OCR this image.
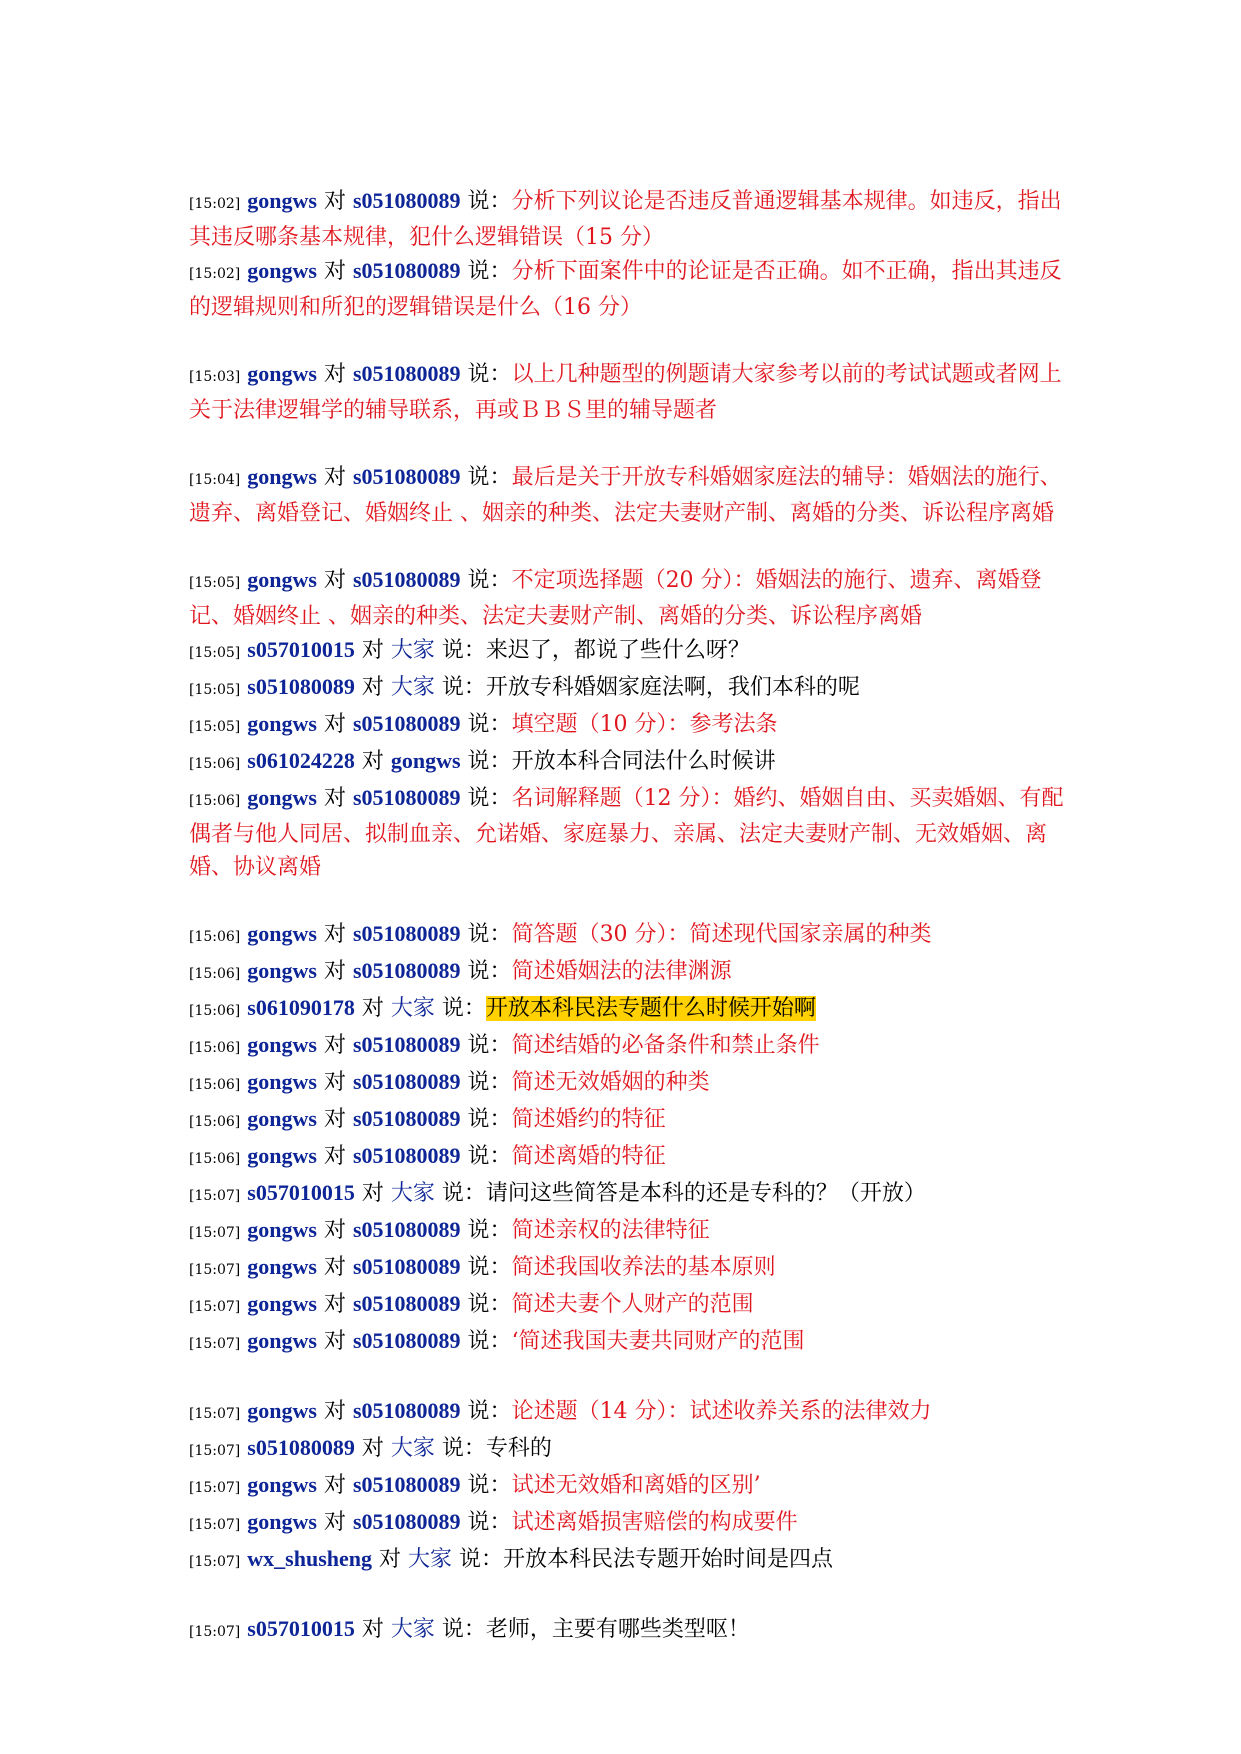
[15:02] gongws 对 s051080089 说：分析下列议论是否违反普通逻辑基本规律。如违反，指出其违反哪条基本规律，犯什么逻辑错误（15 分）
[15:02] gongws 对 s051080089 说：分析下面案件中的论证是否正确。如不正确，指出其违反的逻辑规则和所犯的逻辑错误是什么（16 分）
[15:03] gongws 对 s051080089 说：以上几种题型的例题请大家参考以前的考试试题或者网上关于法律逻辑学的辅导联系，再或ＢＢＳ里的辅导题者
[15:04] gongws 对 s051080089 说：最后是关于开放专科婚姻家庭法的辅导：婚姻法的施行、遗弃、离婚登记、婚姻终止 、姻亲的种类、法定夫妻财产制、离婚的分类、诉讼程序离婚
[15:05] gongws 对 s051080089 说：不定项选择题（20 分）：婚姻法的施行、遗弃、离婚登记、婚姻终止 、姻亲的种类、法定夫妻财产制、离婚的分类、诉讼程序离婚
[15:05] s057010015 对 大家 说：来迟了，都说了些什么呀？
[15:05] s051080089 对 大家 说：开放专科婚姻家庭法啊，我们本科的呢
[15:05] gongws 对 s051080089 说：填空题（10 分）：参考法条
[15:06] s061024228 对 gongws 说：开放本科合同法什么时候讲
[15:06] gongws 对 s051080089 说：名词解释题（12 分）：婚约、婚姻自由、买卖婚姻、有配偶者与他人同居、拟制血亲、允诺婚、家庭暴力、亲属、法定夫妻财产制、无效婚姻、离婚、协议离婚
[15:06] gongws 对 s051080089 说：简答题（30 分）：简述现代国家亲属的种类
[15:06] gongws 对 s051080089 说：简述婚姻法的法律渊源
[15:06] s061090178 对 大家 说：开放本科民法专题什么时候开始啊
[15:06] gongws 对 s051080089 说：简述结婚的必备条件和禁止条件
[15:06] gongws 对 s051080089 说：简述无效婚姻的种类
[15:06] gongws 对 s051080089 说：简述婚约的特征
[15:06] gongws 对 s051080089 说：简述离婚的特征
[15:07] s057010015 对 大家 说：请问这些简答是本科的还是专科的？（开放）
[15:07] gongws 对 s051080089 说：简述亲权的法律特征
[15:07] gongws 对 s051080089 说：简述我国收养法的基本原则
[15:07] gongws 对 s051080089 说：简述夫妻个人财产的范围
[15:07] gongws 对 s051080089 说：‘简述我国夫妻共同财产的范围
[15:07] gongws 对 s051080089 说：论述题（14 分）：试述收养关系的法律效力
[15:07] s051080089 对 大家 说：专科的
[15:07] gongws 对 s051080089 说：试述无效婚和离婚的区别’
[15:07] gongws 对 s051080089 说：试述离婚损害赔偿的构成要件
[15:07] wx_shusheng 对 大家 说：开放本科民法专题开始时间是四点
[15:07] s057010015 对 大家 说：老师，主要有哪些类型呕！
